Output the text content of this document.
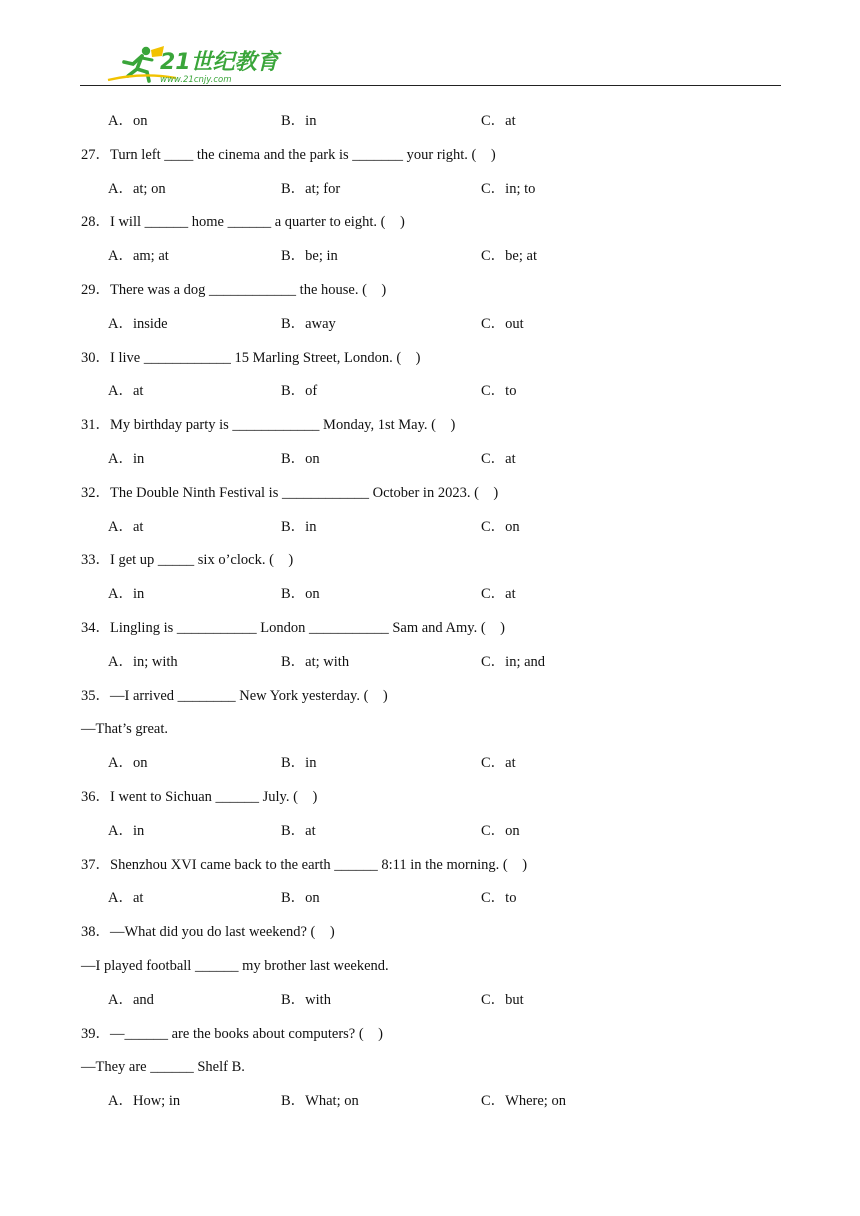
21世纪教育
www.21cnjy.com
A．on	B．in	C．at
27．Turn left ____ the cinema and the park is _______ your right. (    )
A．at; on	B．at; for	C．in; to
28．I will ______ home ______ a quarter to eight. (    )
A．am; at	B．be; in	C．be; at
29．There was a dog ____________ the house. (    )
A．inside	B．away	C．out
30．I live ____________ 15 Marling Street, London. (    )
A．at	B．of	C．to
31．My birthday party is ____________ Monday, 1st May. (    )
A．in	B．on	C．at
32．The Double Ninth Festival is ____________ October in 2023. (    )
A．at	B．in	C．on
33．I get up _____ six o’clock. (    )
A．in	B．on	C．at
34．Lingling is ___________ London ___________ Sam and Amy. (    )
A．in; with	B．at; with	C．in; and
35．—I arrived ________ New York yesterday. (    )
—That’s great.
A．on	B．in	C．at
36．I went to Sichuan ______ July. (    )
A．in	B．at	C．on
37．Shenzhou XVI came back to the earth ______ 8:11 in the morning. (    )
A．at	B．on	C．to
38．—What did you do last weekend? (    )
—I played football ______ my brother last weekend.
A．and	B．with	C．but
39．—______ are the books about computers? (    )
—They are ______ Shelf B.
A．How; in	B．What; on	C．Where; on
